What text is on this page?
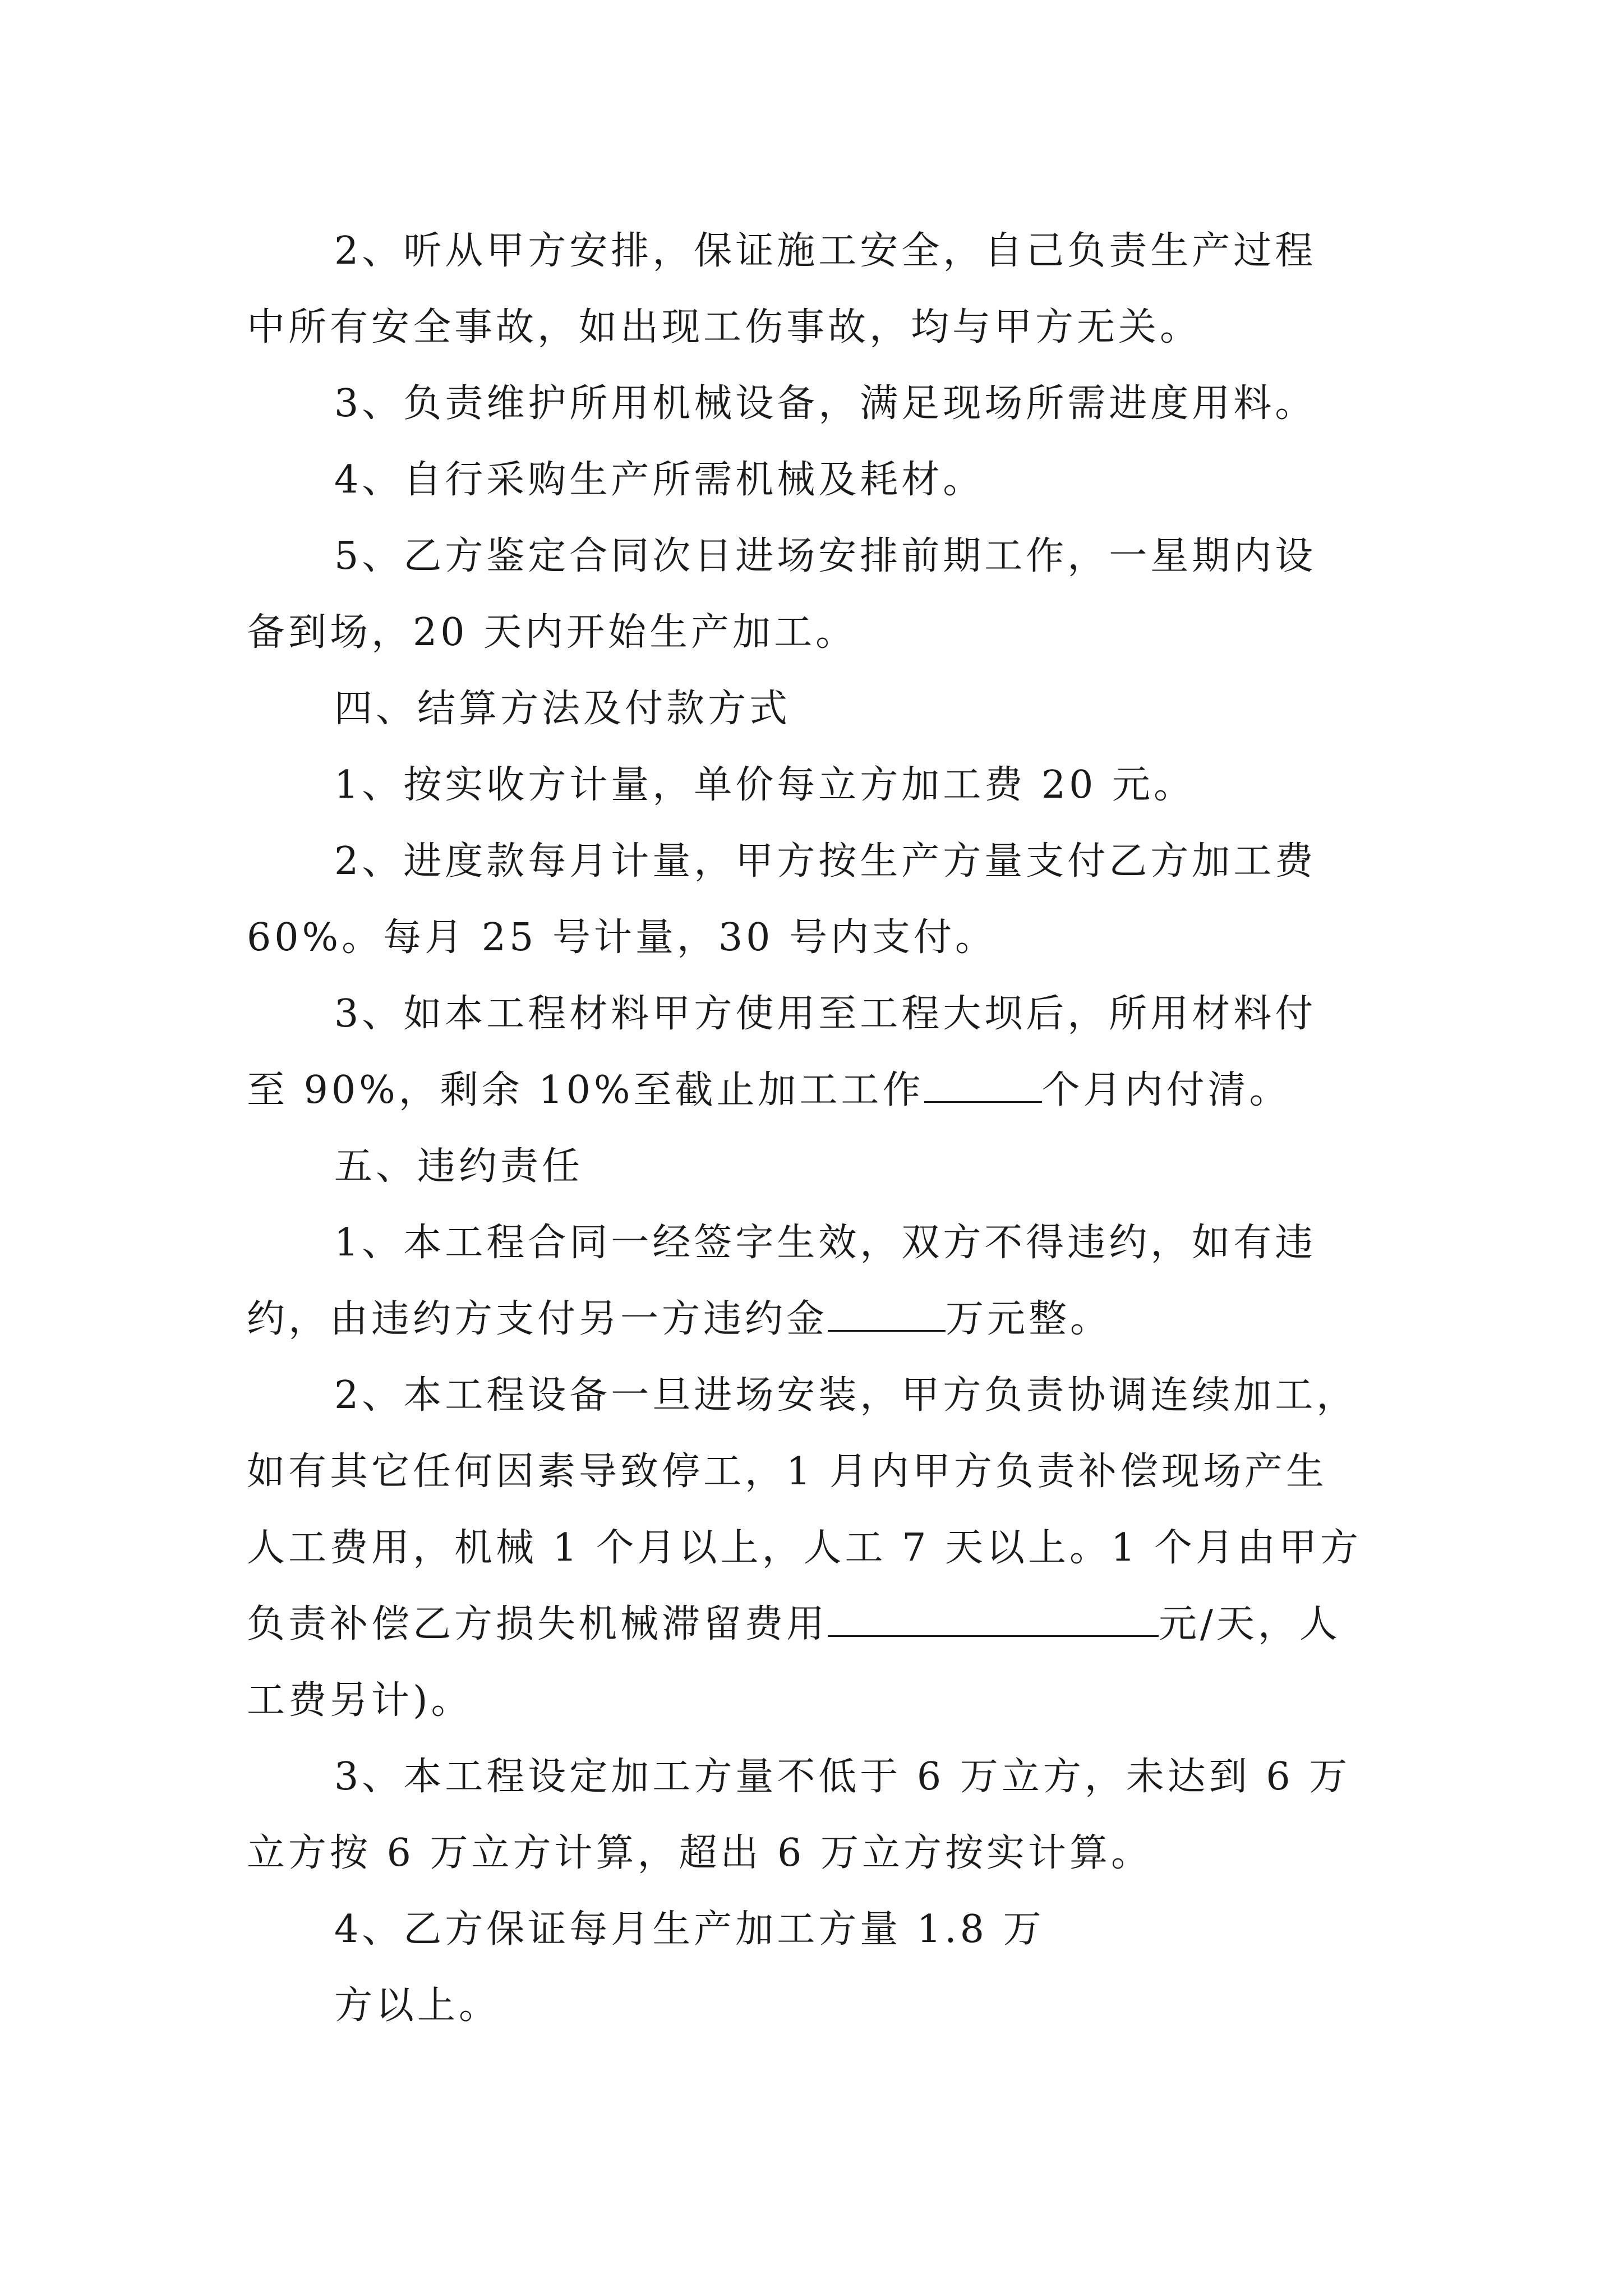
2、听从甲方安排，保证施工安全，自己负责生产过程
中所有安全事故，如出现工伤事故，均与甲方无关。
3、负责维护所用机械设备，满足现场所需进度用料。
4、自行采购生产所需机械及耗材。
5、乙方鉴定合同次日进场安排前期工作，一星期内设
备到场，20 天内开始生产加工。
四、结算方法及付款方式
1、按实收方计量，单价每立方加工费 20 元。
2、进度款每月计量，甲方按生产方量支付乙方加工费
60%。每月 25 号计量，30 号内支付。
3、如本工程材料甲方使用至工程大坝后，所用材料付
至 90%，剩余 10%至截止加工工作	个月内付清。
五、违约责任
1、本工程合同一经签字生效，双方不得违约，如有违
约，由违约方支付另一方违约金	万元整。
2、本工程设备一旦进场安装，甲方负责协调连续加工，
如有其它任何因素导致停工，1 月内甲方负责补偿现场产生
人工费用，机械 1 个月以上，人工 7 天以上。1 个月由甲方
负责补偿乙方损失机械滞留费用	元/天，人
工费另计)。
3、本工程设定加工方量不低于 6 万立方，未达到 6 万
立方按 6 万立方计算，超出 6 万立方按实计算。
4、乙方保证每月生产加工方量 1.8 万
方以上。
